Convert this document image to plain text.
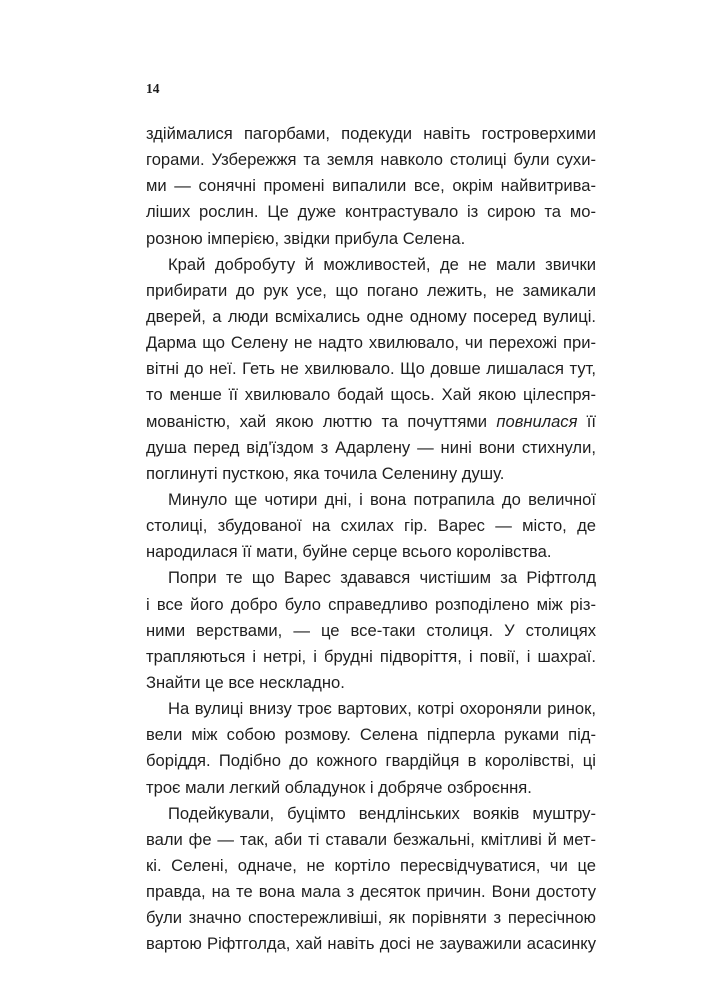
14
здіймалися пагорбами, подекуди навіть гостроверхими
горами. Узбережжя та земля навколо столиці були сухи-
ми — сонячні промені випалили все, окрім найвитрива-
ліших рослин. Це дуже контрастувало із сирою та мо-
розною імперією, звідки прибула Селена.
Край добробуту й можливостей, де не мали звички
прибирати до рук усе, що погано лежить, не замикали
дверей, а люди всміхались одне одному посеред вулиці.
Дарма що Селену не надто хвилювало, чи перехожі при-
вітні до неї. Геть не хвилювало. Що довше лишалася тут,
то менше її хвилювало бодай щось. Хай якою цілеспря-
мованістю, хай якою люттю та почуттями повнилася її
душа перед від'їздом з Адарлену — нині вони стихнули,
поглинуті пусткою, яка точила Селенину душу.
Минуло ще чотири дні, і вона потрапила до величної
столиці, збудованої на схилах гір. Варес — місто, де
народилася її мати, буйне серце всього королівства.
Попри те що Варес здавався чистішим за Ріфтголд
і все його добро було справедливо розподілено між різ-
ними верствами, — це все-таки столиця. У столицях
трапляються і нетрі, і брудні підворіття, і повії, і шахраї.
Знайти це все нескладно.
На вулиці внизу троє вартових, котрі охороняли ринок,
вели між собою розмову. Селена підперла руками під-
боріддя. Подібно до кожного гвардійця в королівстві, ці
троє мали легкий обладунок і добряче озброєння.
Подейкували, буцімто вендлінських вояків муштру-
вали фе — так, аби ті ставали безжальні, кмітливі й мет-
кі. Селені, одначе, не кортіло пересвідчуватися, чи це
правда, на те вона мала з десяток причин. Вони достоту
були значно спостережливіші, як порівняти з пересічною
вартою Ріфтголда, хай навіть досі не зауважили асасинку
